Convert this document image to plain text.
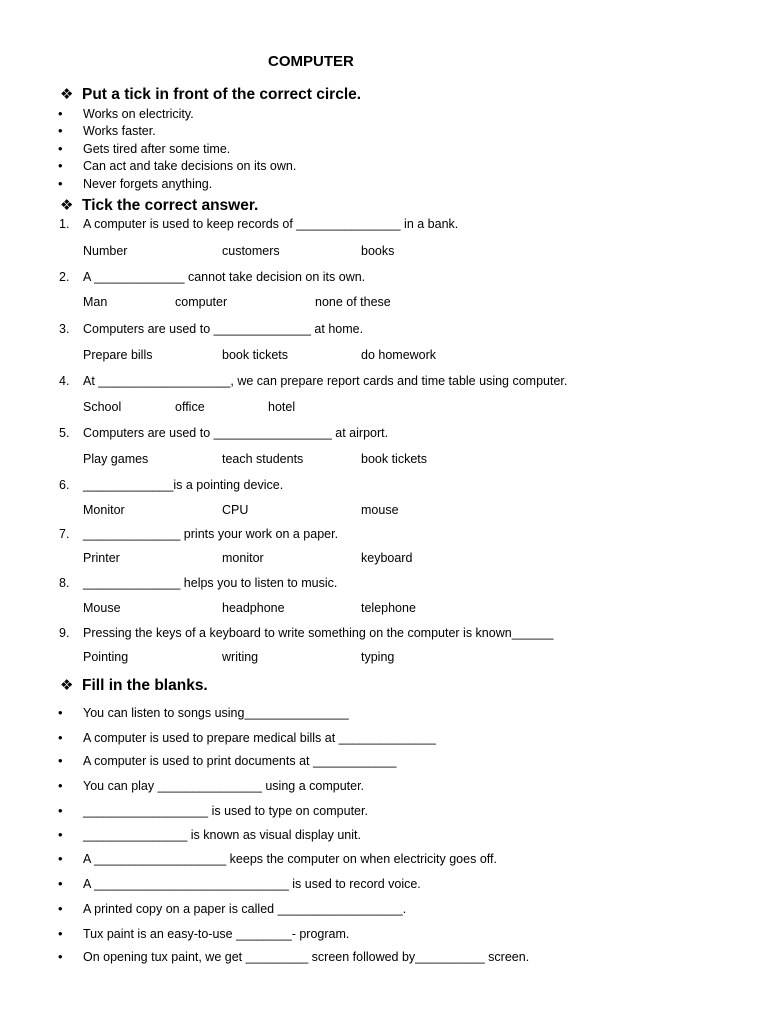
COMPUTER
❖ Put a tick in front of the correct circle.
• Works on electricity.
• Works faster.
• Gets tired after some time.
• Can act and take decisions on its own.
• Never forgets anything.
❖ Tick the correct answer.
1. A computer is used to keep records of _______________ in a bank.
Number	customers	books
2. A _____________ cannot take decision on its own.
Man	computer	none of these
3. Computers are used to ______________ at home.
Prepare bills	book tickets	do homework
4. At ___________________, we can prepare report cards and time table using computer.
School	office	hotel
5. Computers are used to _________________ at airport.
Play games	teach students	book tickets
6. _____________is a pointing device.
Monitor	CPU	mouse
7. ______________ prints your work on a paper.
Printer	monitor	keyboard
8. ______________ helps you to listen to music.
Mouse	headphone	telephone
9. Pressing the keys of a keyboard to write something on the computer is known______
Pointing	writing	typing
❖ Fill in the blanks.
• You can listen to songs using_______________
• A computer is used to prepare medical bills at ______________
• A computer is used to print documents at ____________
• You can play _______________ using a computer.
• __________________ is used to type on computer.
• _______________ is known as visual display unit.
• A ___________________ keeps the computer on when electricity goes off.
• A ____________________________ is used to record voice.
• A printed copy on a paper is called __________________.
• Tux paint is an easy-to-use ________- program.
• On opening tux paint, we get _________ screen followed by__________ screen.
